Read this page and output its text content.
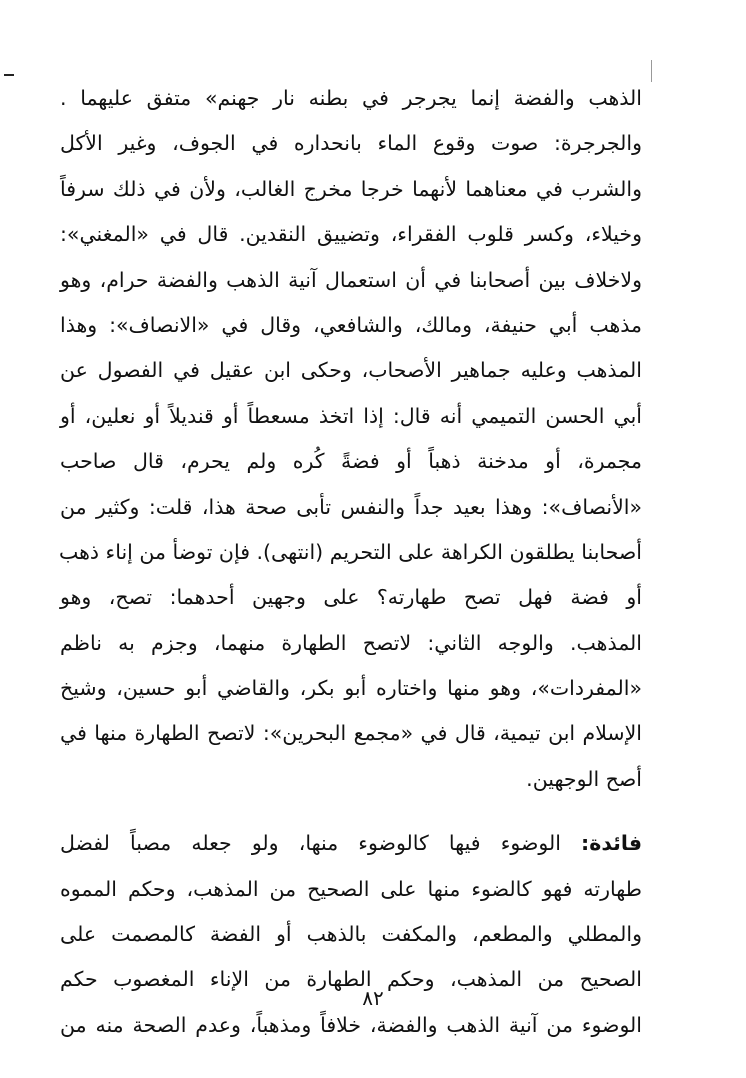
الذهب والفضة إنما يجرجر في بطنه نار جهنم» متفق عليهما .
والجرجرة: صوت وقوع الماء بانحداره في الجوف، وغير الأكل
والشرب في معناهما لأنهما خرجا مخرج الغالب، ولأن في ذلك سرفاً
وخيلاء، وكسر قلوب الفقراء، وتضييق النقدين. قال في «المغني»:
ولاخلاف بين أصحابنا في أن استعمال آنية الذهب والفضة حرام، وهو
مذهب أبي حنيفة، ومالك، والشافعي، وقال في «الانصاف»: وهذا
المذهب وعليه جماهير الأصحاب، وحكى ابن عقيل في الفصول عن
أبي الحسن التميمي أنه قال: إذا اتخذ مسعطاً أو قنديلاً أو نعلين، أو
مجمرة، أو مدخنة ذهباً أو فضةً كُره ولم يحرم، قال صاحب
«الأنصاف»: وهذا بعيد جداً والنفس تأبى صحة هذا، قلت: وكثير من
أصحابنا يطلقون الكراهة على التحريم (انتهى). فإن توضأ من إناء ذهب
أو فضة فهل تصح طهارته؟ على وجهين أحدهما: تصح، وهو
المذهب. والوجه الثاني: لاتصح الطهارة منهما، وجزم به ناظم
«المفردات»، وهو منها واختاره أبو بكر، والقاضي أبو حسين، وشيخ
الإسلام ابن تيمية، قال في «مجمع البحرين»: لاتصح الطهارة منها في
أصح الوجهين.
فائدة: الوضوء فيها كالوضوء منها، ولو جعله مصباً لفضل
طهارته فهو كالضوء منها على الصحيح من المذهب، وحكم المموه
والمطلي والمطعم، والمكفت بالذهب أو الفضة كالمصمت على
الصحيح من المذهب، وحكم الطهارة من الإناء المغصوب حكم
الوضوء من آنية الذهب والفضة، خلافاً ومذهباً، وعدم الصحة منه من
٨٢
